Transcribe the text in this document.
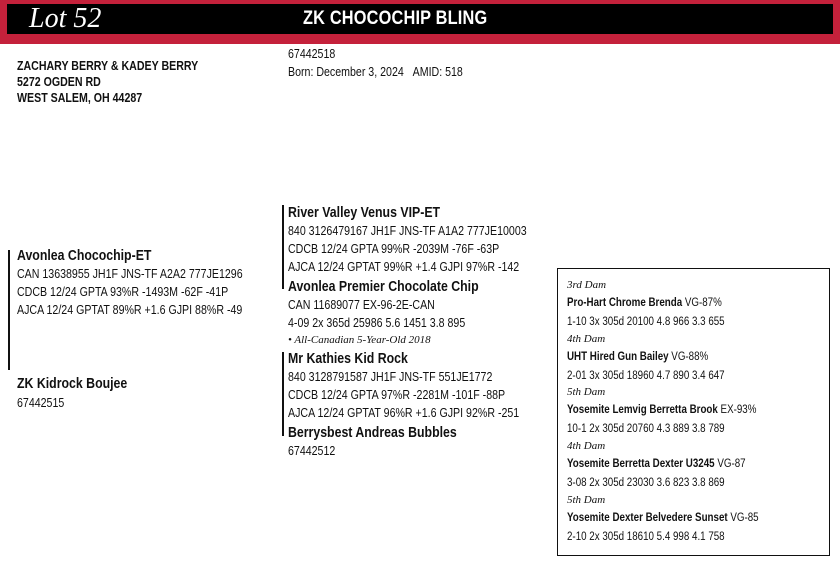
Lot 52	ZK CHOCOCHIP BLING
67442518
Born: December 3, 2024 AMID: 518
ZACHARY BERRY & KADEY BERRY
5272 OGDEN RD
WEST SALEM, OH 44287
Avonlea Chocochip-ET
CAN 13638955 JH1F JNS-TF A2A2 777JE1296
CDCB 12/24 GPTA 93%R -1493M -62F -41P
AJCA 12/24 GPTAT 89%R +1.6 GJPI 88%R -49
ZK Kidrock Boujee
67442515
River Valley Venus VIP-ET
840 3126479167 JH1F JNS-TF A1A2 777JE10003
CDCB 12/24 GPTA 99%R -2039M -76F -63P
AJCA 12/24 GPTAT 99%R +1.4 GJPI 97%R -142
Avonlea Premier Chocolate Chip
CAN 11689077 EX-96-2E-CAN
4-09 2x 365d 25986 5.6 1451 3.8 895
• All-Canadian 5-Year-Old 2018
Mr Kathies Kid Rock
840 3128791587 JH1F JNS-TF 551JE1772
CDCB 12/24 GPTA 97%R -2281M -101F -88P
AJCA 12/24 GPTAT 96%R +1.6 GJPI 92%R -251
Berrysbest Andreas Bubbles
67442512
3rd Dam
Pro-Hart Chrome Brenda VG-87%
1-10 3x 305d 20100 4.8 966 3.3 655
4th Dam
UHT Hired Gun Bailey VG-88%
2-01 3x 305d 18960 4.7 890 3.4 647
5th Dam
Yosemite Lemvig Berretta Brook EX-93%
10-1 2x 305d 20760 4.3 889 3.8 789
4th Dam
Yosemite Berretta Dexter U3245 VG-87
3-08 2x 305d 23030 3.6 823 3.8 869
5th Dam
Yosemite Dexter Belvedere Sunset VG-85
2-10 2x 305d 18610 5.4 998 4.1 758
